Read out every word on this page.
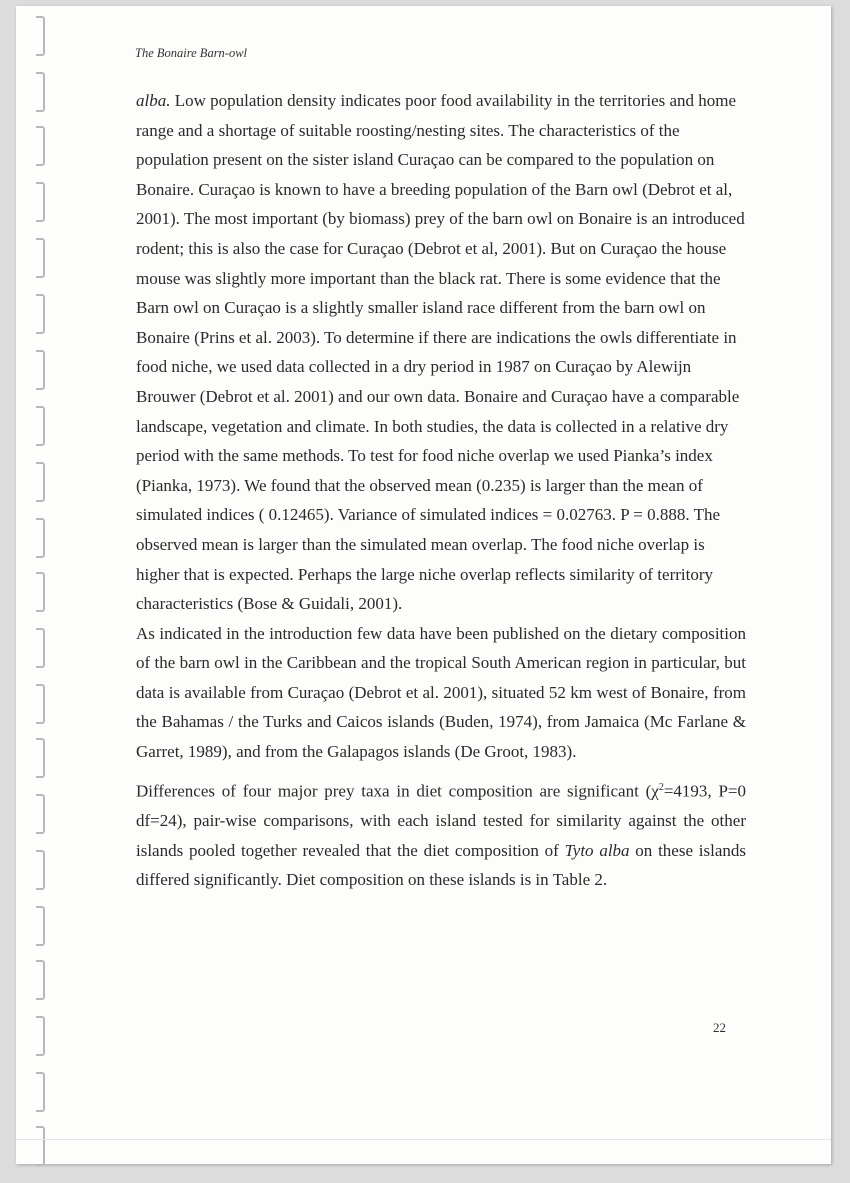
The Bonaire Barn-owl

alba. Low population density indicates poor food availability in the territories and home range and a shortage of suitable roosting/nesting sites. The characteristics of the population present on the sister island Curaçao can be compared to the population on Bonaire. Curaçao is known to have a breeding population of the Barn owl (Debrot et al, 2001). The most important (by biomass) prey of the barn owl on Bonaire is an introduced rodent; this is also the case for Curaçao (Debrot et al, 2001). But on Curaçao the house mouse was slightly more important than the black rat. There is some evidence that the Barn owl on Curaçao is a slightly smaller island race different from the barn owl on Bonaire (Prins et al. 2003). To determine if there are indications the owls differentiate in food niche, we used data collected in a dry period in 1987 on Curaçao by Alewijn Brouwer (Debrot et al. 2001) and our own data. Bonaire and Curaçao have a comparable landscape, vegetation and climate. In both studies, the data is collected in a relative dry period with the same methods. To test for food niche overlap we used Pianka’s index (Pianka, 1973). We found that the observed mean (0.235) is larger than the mean of simulated indices ( 0.12465). Variance of simulated indices = 0.02763. P = 0.888. The observed mean is larger than the simulated mean overlap. The food niche overlap is higher that is expected. Perhaps the large niche overlap reflects similarity of territory characteristics (Bose & Guidali, 2001).

As indicated in the introduction few data have been published on the dietary composition of the barn owl in the Caribbean and the tropical South American region in particular, but data is available from Curaçao (Debrot et al. 2001), situated 52 km west of Bonaire, from the Bahamas / the Turks and Caicos islands (Buden, 1974), from Jamaica (Mc Farlane & Garret, 1989), and from the Galapagos islands (De Groot, 1983).

Differences of four major prey taxa in diet composition are significant ($\chi^2=4193$, P=0 df=24), pair-wise comparisons, with each island tested for similarity against the other islands pooled together revealed that the diet composition of Tyto alba on these islands differed significantly. Diet composition on these islands is in Table 2.

22
